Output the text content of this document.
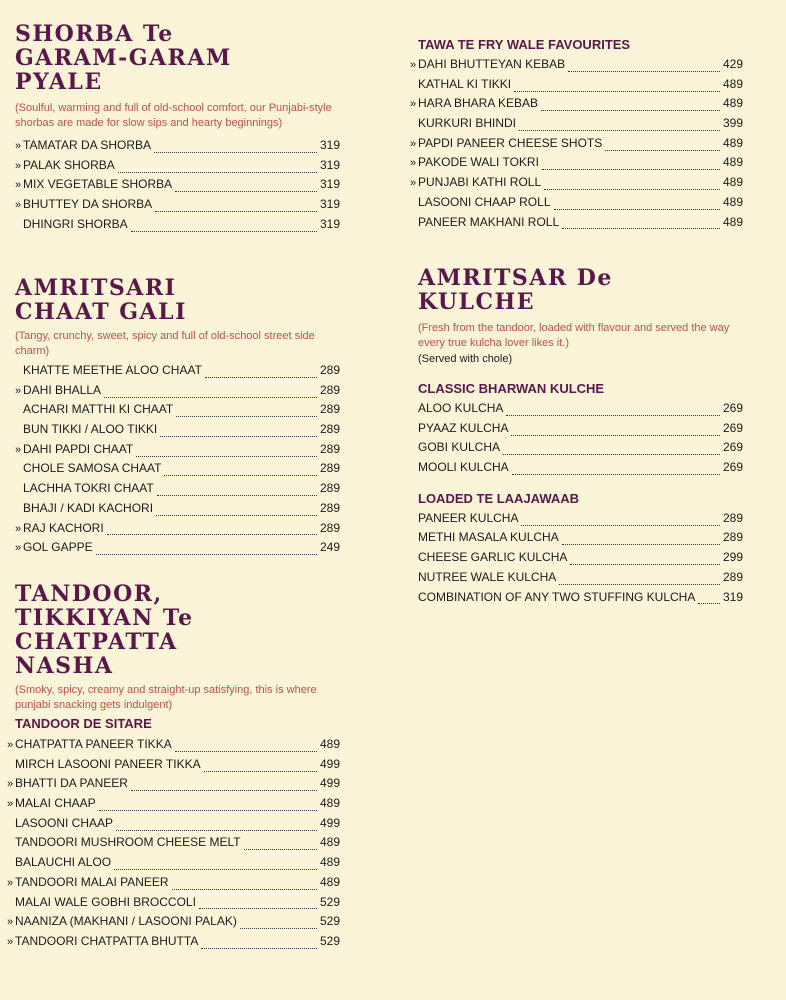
SHORBA Te
GARAM-GARAM
PYALE

(Soulful, warming and full of old-school comfort, our Punjabi-style shorbas are made for slow sips and hearty beginnings)

» TAMATAR DA SHORBA	319
» PALAK SHORBA	319
» MIX VEGETABLE SHORBA	319
» BHUTTEY DA SHORBA	319
DHINGRI SHORBA	319
AMRITSARI
CHAAT GALI

(Tangy, crunchy, sweet, spicy and full of old-school street side charm)

KHATTE MEETHE ALOO CHAAT	289
» DAHI BHALLA	289
ACHARI MATTHI KI CHAAT	289
BUN TIKKI / ALOO TIKKI	289
» DAHI PAPDI CHAAT	289
CHOLE SAMOSA CHAAT	289
LACHHA TOKRI CHAAT	289
BHAJI / KADI KACHORI	289
» RAJ KACHORI	289
» GOL GAPPE	249
TANDOOR,
TIKKIYAN Te
CHATPATTA
NASHA

(Smoky, spicy, creamy and straight-up satisfying, this is where punjabi snacking gets indulgent)

TANDOOR DE SITARE
» CHATPATTA PANEER TIKKA	489
MIRCH LASOONI PANEER TIKKA	499
» BHATTI DA PANEER	499
» MALAI CHAAP	489
LASOONI CHAAP	499
TANDOORI MUSHROOM CHEESE MELT	489
BALAUCHI ALOO	489
» TANDOORI MALAI PANEER	489
MALAI WALE GOBHI BROCCOLI	529
» NAANIZA (MAKHANI / LASOONI PALAK)	529
» TANDOORI CHATPATTA BHUTTA	529
TAWA TE FRY WALE FAVOURITES
» DAHI BHUTTEYAN KEBAB	429
KATHAL KI TIKKI	489
» HARA BHARA KEBAB	489
KURKURI BHINDI	399
» PAPDI PANEER CHEESE SHOTS	489
» PAKODE WALI TOKRI	489
» PUNJABI KATHI ROLL	489
LASOONI CHAAP ROLL	489
PANEER MAKHANI ROLL	489
AMRITSAR De
KULCHE

(Fresh from the tandoor, loaded with flavour and served the way every true kulcha lover likes it.)

(Served with chole)

CLASSIC BHARWAN KULCHE
ALOO KULCHA	269
PYAAZ KULCHA	269
GOBI KULCHA	269
MOOLI KULCHA	269
LOADED TE LAAJAWAAB
PANEER KULCHA	289
METHI MASALA KULCHA	289
CHEESE GARLIC KULCHA	299
NUTREE WALE KULCHA	289
COMBINATION OF ANY TWO STUFFING KULCHA 319
